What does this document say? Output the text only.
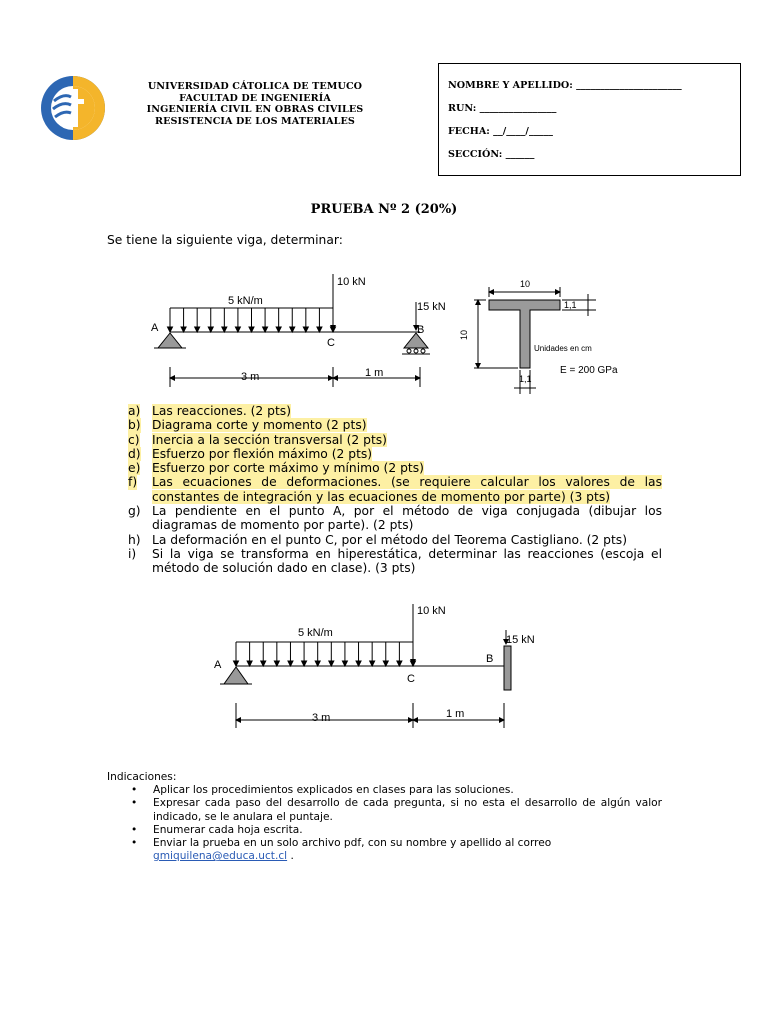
UNIVERSIDAD CÁTOLICA DE TEMUCO
FACULTAD DE INGENIERÍA
INGENIERÍA CIVIL EN OBRAS CIVILES
RESISTENCIA DE LOS MATERIALES
NOMBRE Y APELLIDO: ______________________
RUN: ________________
FECHA: __/____/_____
SECCIÓN: ______
PRUEBA Nº 2 (20%)
Se tiene la siguiente viga, determinar:
10 kN
5 kN/m	15 kN
A	B
C
3 m	1 m
10
1,1
10
1,1
Unidades en cm
E = 200 GPa
a) Las reacciones. (2 pts)
b) Diagrama corte y momento (2 pts)
c) Inercia a la sección transversal (2 pts)
d) Esfuerzo por flexión máximo (2 pts)
e) Esfuerzo por corte máximo y mínimo (2 pts)
f) Las ecuaciones de deformaciones. (se requiere calcular los valores de las constantes de integración y las ecuaciones de momento por parte) (3 pts)
g) La pendiente en el punto A, por el método de viga conjugada (dibujar los diagramas de momento por parte). (2 pts)
h) La deformación en el punto C, por el método del Teorema Castigliano. (2 pts)
i) Si la viga se transforma en hiperestática, determinar las reacciones (escoja el método de solución dado en clase). (3 pts)
10 kN
5 kN/m
15 kN
A	B
C
3 m	1 m
Indicaciones:
• Aplicar los procedimientos explicados en clases para las soluciones.
• Expresar cada paso del desarrollo de cada pregunta, si no esta el desarrollo de algún valor indicado, se le anulara el puntaje.
• Enumerar cada hoja escrita.
• Enviar la prueba en un solo archivo pdf, con su nombre y apellido al correo
gmiquilena@educa.uct.cl .
